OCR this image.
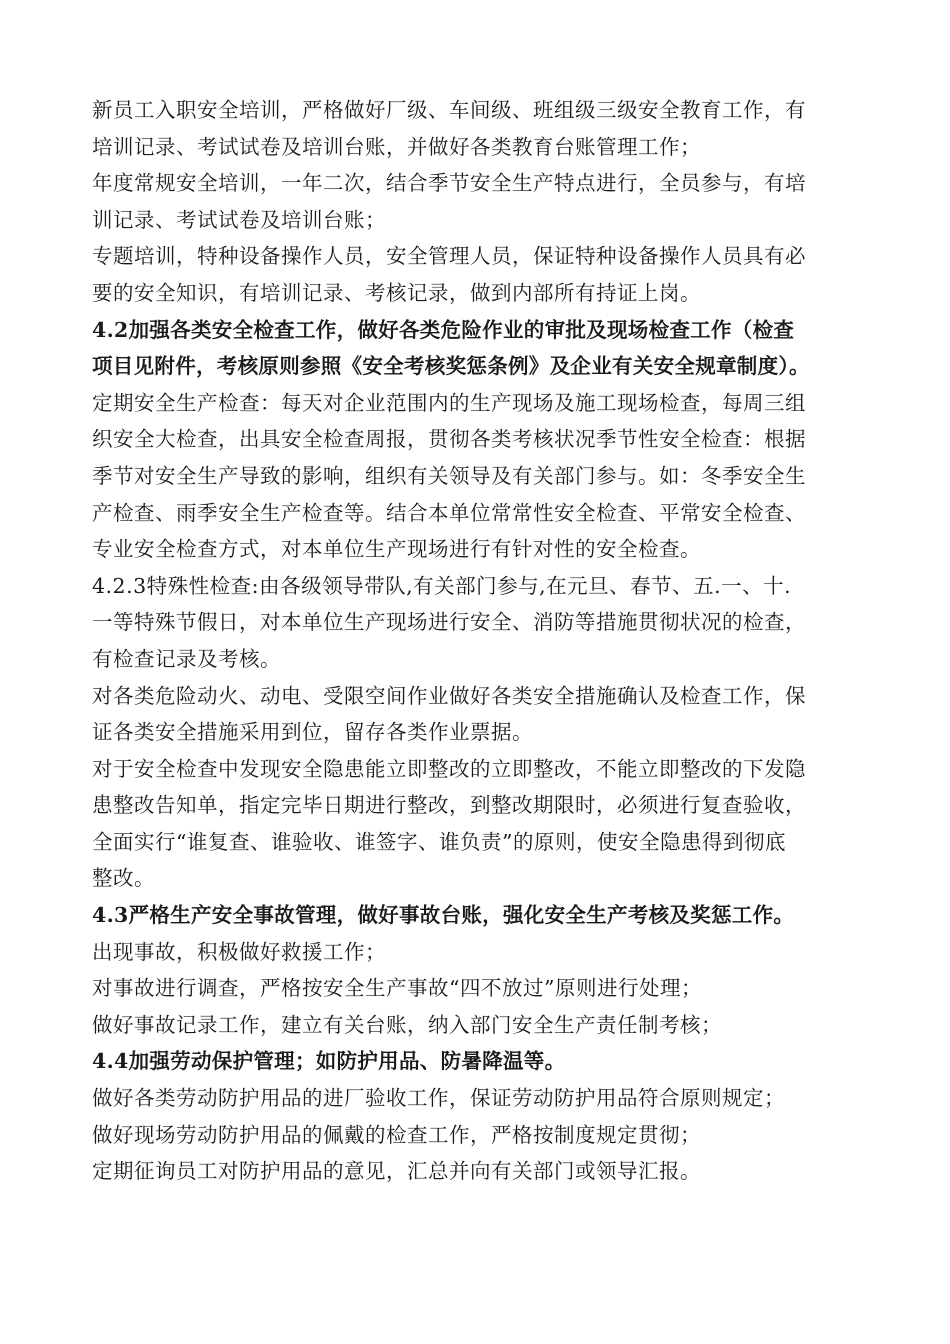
新员工入职安全培训，严格做好厂级、车间级、班组级三级安全教育工作，有
培训记录、考试试卷及培训台账，并做好各类教育台账管理工作；
年度常规安全培训，一年二次，结合季节安全生产特点进行，全员参与，有培
训记录、考试试卷及培训台账；
专题培训，特种设备操作人员，安全管理人员，保证特种设备操作人员具有必
要的安全知识，有培训记录、考核记录，做到内部所有持证上岗。
4.2加强各类安全检查工作，做好各类危险作业的审批及现场检查工作（检查
项目见附件，考核原则参照《安全考核奖惩条例》及企业有关安全规章制度）。
定期安全生产检查：每天对企业范围内的生产现场及施工现场检查，每周三组
织安全大检查，出具安全检查周报，贯彻各类考核状况季节性安全检查：根据
季节对安全生产导致的影响，组织有关领导及有关部门参与。如：冬季安全生
产检查、雨季安全生产检查等。结合本单位常常性安全检查、平常安全检查、
专业安全检查方式，对本单位生产现场进行有针对性的安全检查。
4.2.3特殊性检查:由各级领导带队,有关部门参与,在元旦、春节、五.一、十.
一等特殊节假日，对本单位生产现场进行安全、消防等措施贯彻状况的检查，
有检查记录及考核。
对各类危险动火、动电、受限空间作业做好各类安全措施确认及检查工作，保
证各类安全措施采用到位，留存各类作业票据。
对于安全检查中发现安全隐患能立即整改的立即整改，不能立即整改的下发隐
患整改告知单，指定完毕日期进行整改，到整改期限时，必须进行复查验收，
全面实行“谁复查、谁验收、谁签字、谁负责”的原则，使安全隐患得到彻底
整改。
4.3严格生产安全事故管理，做好事故台账，强化安全生产考核及奖惩工作。
出现事故，积极做好救援工作；
对事故进行调查，严格按安全生产事故“四不放过”原则进行处理；
做好事故记录工作，建立有关台账，纳入部门安全生产责任制考核；
4.4加强劳动保护管理；如防护用品、防暑降温等。
做好各类劳动防护用品的进厂验收工作，保证劳动防护用品符合原则规定；
做好现场劳动防护用品的佩戴的检查工作，严格按制度规定贯彻；
定期征询员工对防护用品的意见，汇总并向有关部门或领导汇报。
